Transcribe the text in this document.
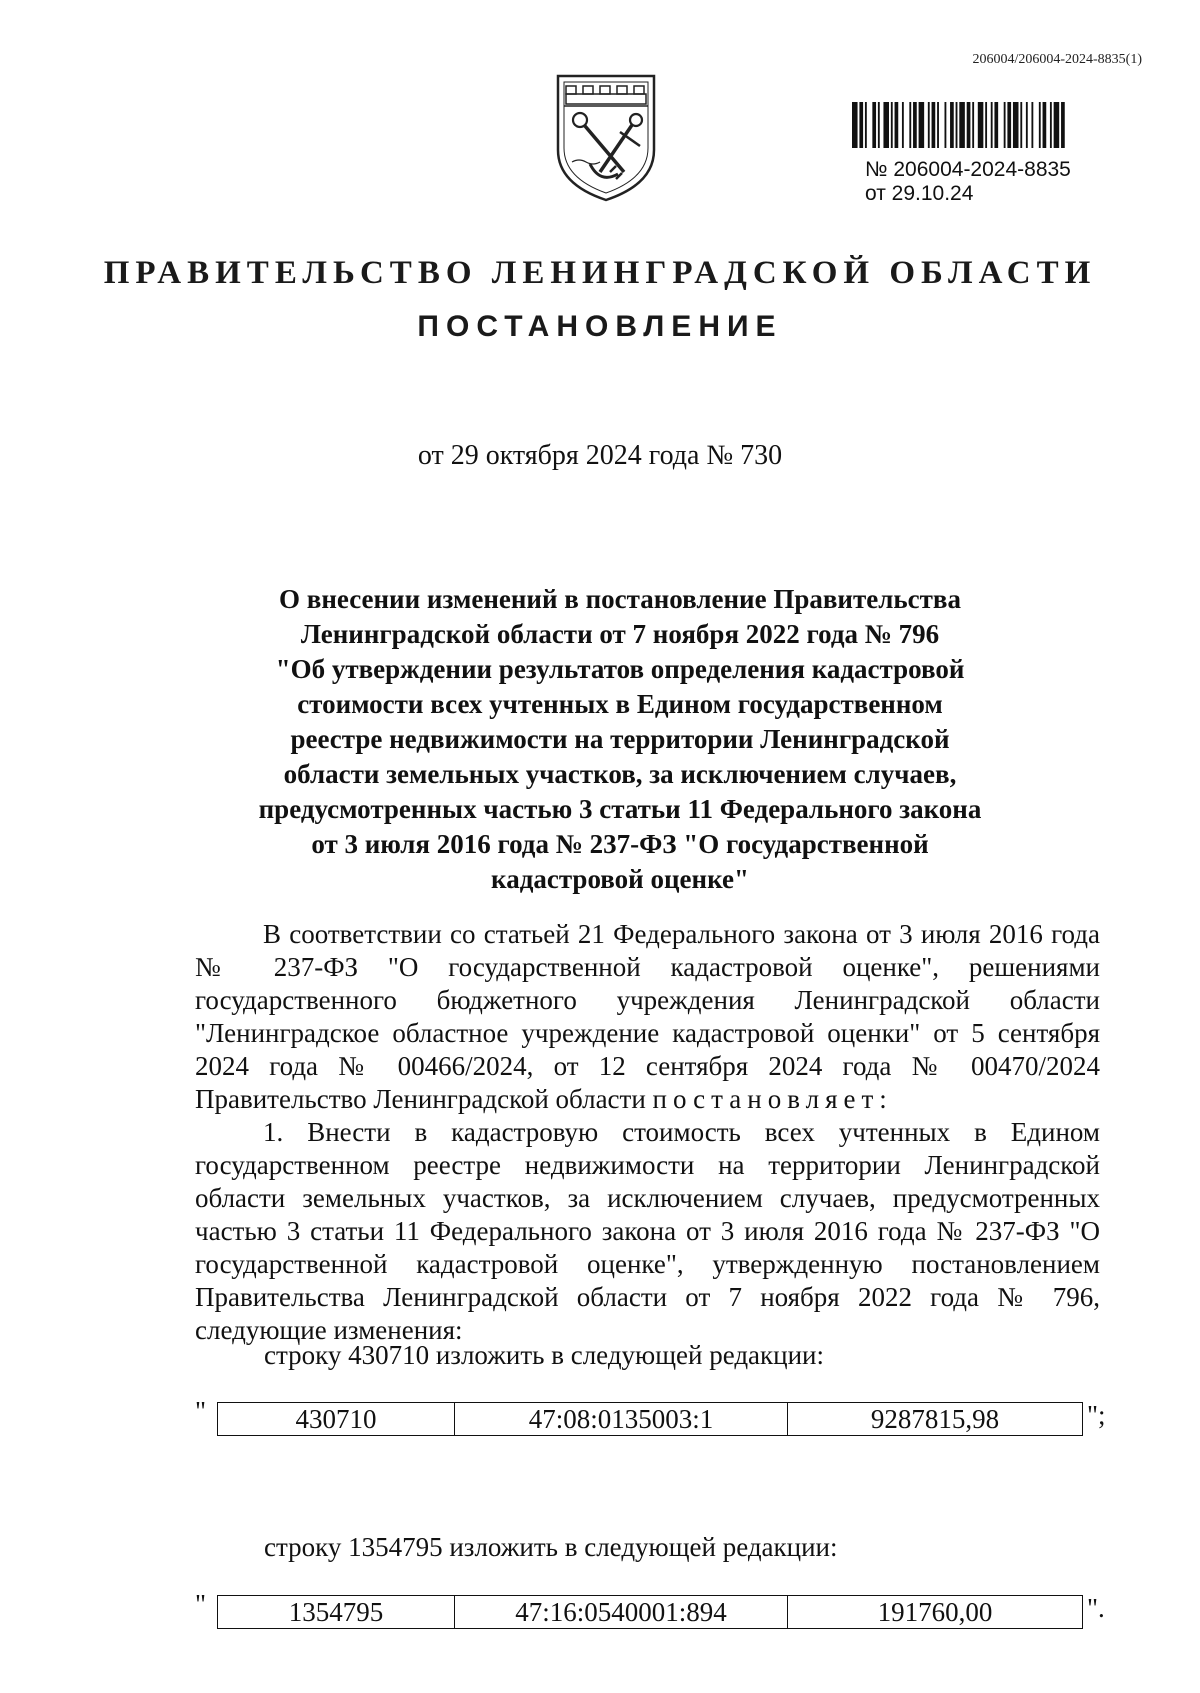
206004/206004-2024-8835(1)
№ 206004-2024-8835
от 29.10.24
ПРАВИТЕЛЬСТВО ЛЕНИНГРАДСКОЙ ОБЛАСТИ
ПОСТАНОВЛЕНИЕ
от 29 октября 2024 года № 730
О внесении изменений в постановление Правительства
Ленинградской области от 7 ноября 2022 года № 796
"Об утверждении результатов определения кадастровой
стоимости всех учтенных в Едином государственном
реестре недвижимости на территории Ленинградской
области земельных участков, за исключением случаев,
предусмотренных частью 3 статьи 11 Федерального закона
от 3 июля 2016 года № 237-ФЗ "О государственной
кадастровой оценке"
В соответствии со статьей 21 Федерального закона от 3 июля 2016 года № 237-ФЗ "О государственной кадастровой оценке", решениями государственного бюджетного учреждения Ленинградской области "Ленинградское областное учреждение кадастровой оценки" от 5 сентября 2024 года № 00466/2024, от 12 сентября 2024 года № 00470/2024 Правительство Ленинградской области постановляет:
1. Внести в кадастровую стоимость всех учтенных в Едином государственном реестре недвижимости на территории Ленинградской области земельных участков, за исключением случаев, предусмотренных частью 3 статьи 11 Федерального закона от 3 июля 2016 года № 237-ФЗ "О государственной кадастровой оценке", утвержденную постановлением Правительства Ленинградской области от 7 ноября 2022 года № 796, следующие изменения:
строку 430710 изложить в следующей редакции:
"	430710	47:08:0135003:1	9287815,98	";
строку 1354795 изложить в следующей редакции:
"	1354795	47:16:0540001:894	191760,00	".
